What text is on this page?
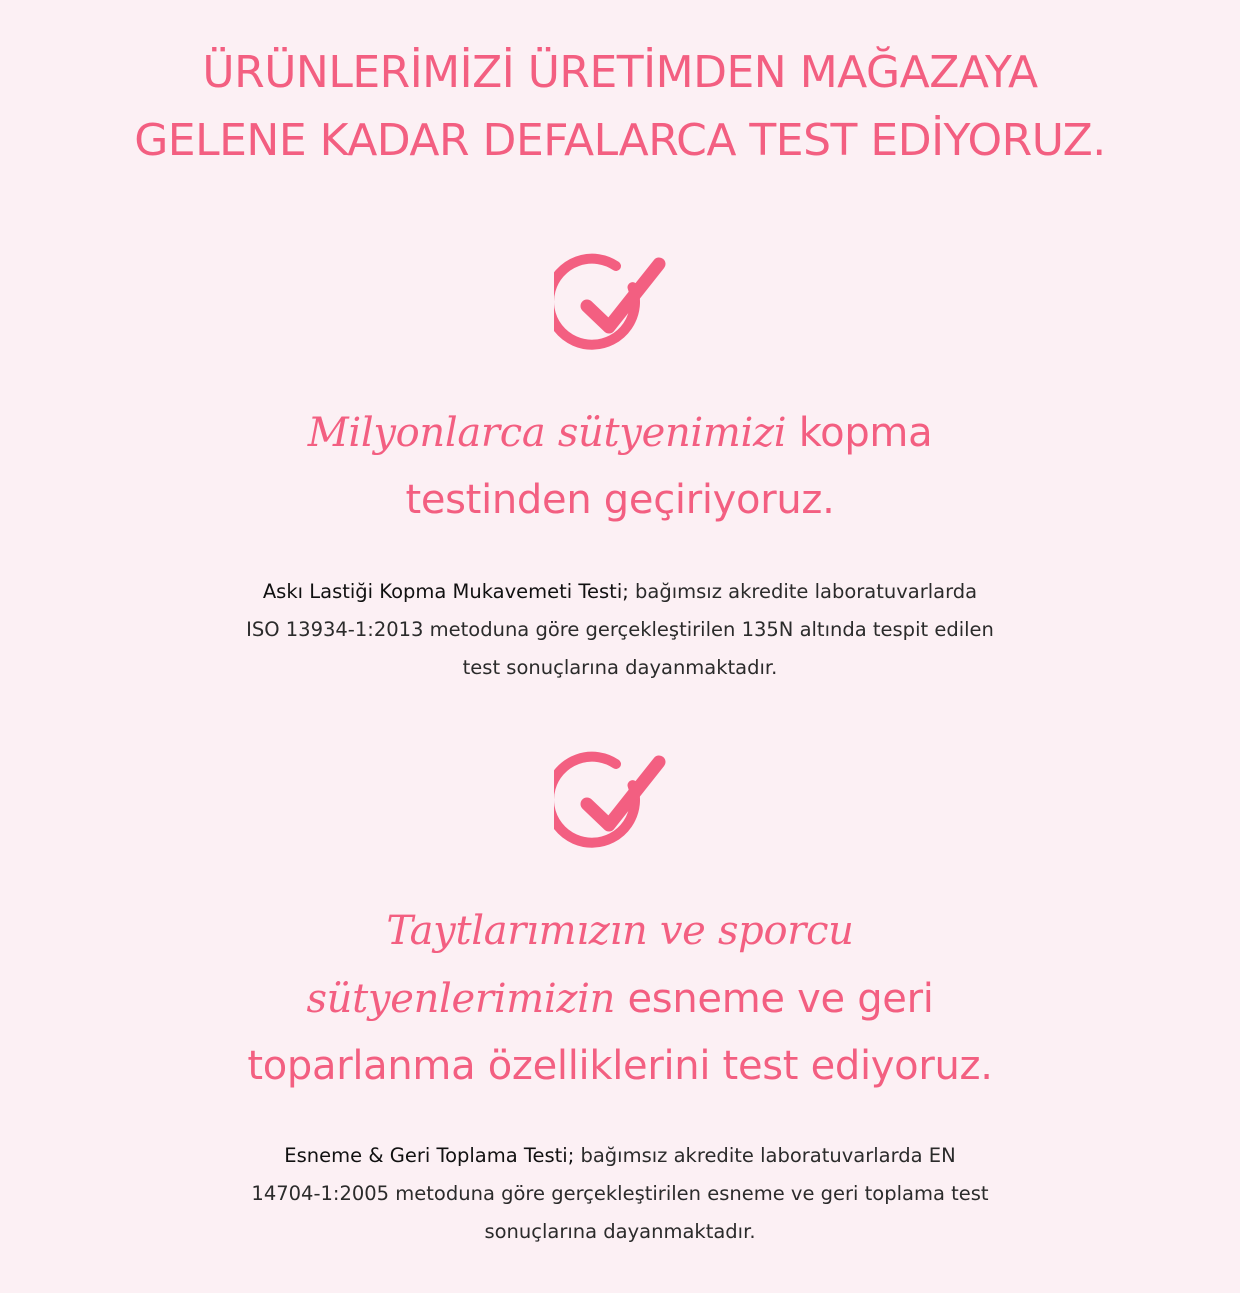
ÜRÜNLERİMİZİ ÜRETİMDEN MAĞAZAYA
GELENE KADAR DEFALARCA TEST EDİYORUZ.
Milyonlarca sütyenimizi kopma
testinden geçiriyoruz.
Askı Lastiği Kopma Mukavemeti Testi; bağımsız akredite laboratuvarlarda
ISO 13934-1:2013 metoduna göre gerçekleştirilen 135N altında tespit edilen
test sonuçlarına dayanmaktadır.
Taytlarımızın ve sporcu
sütyenlerimizin esneme ve geri
toparlanma özelliklerini test ediyoruz.
Esneme & Geri Toplama Testi; bağımsız akredite laboratuvarlarda EN
14704-1:2005 metoduna göre gerçekleştirilen esneme ve geri toplama test
sonuçlarına dayanmaktadır.
